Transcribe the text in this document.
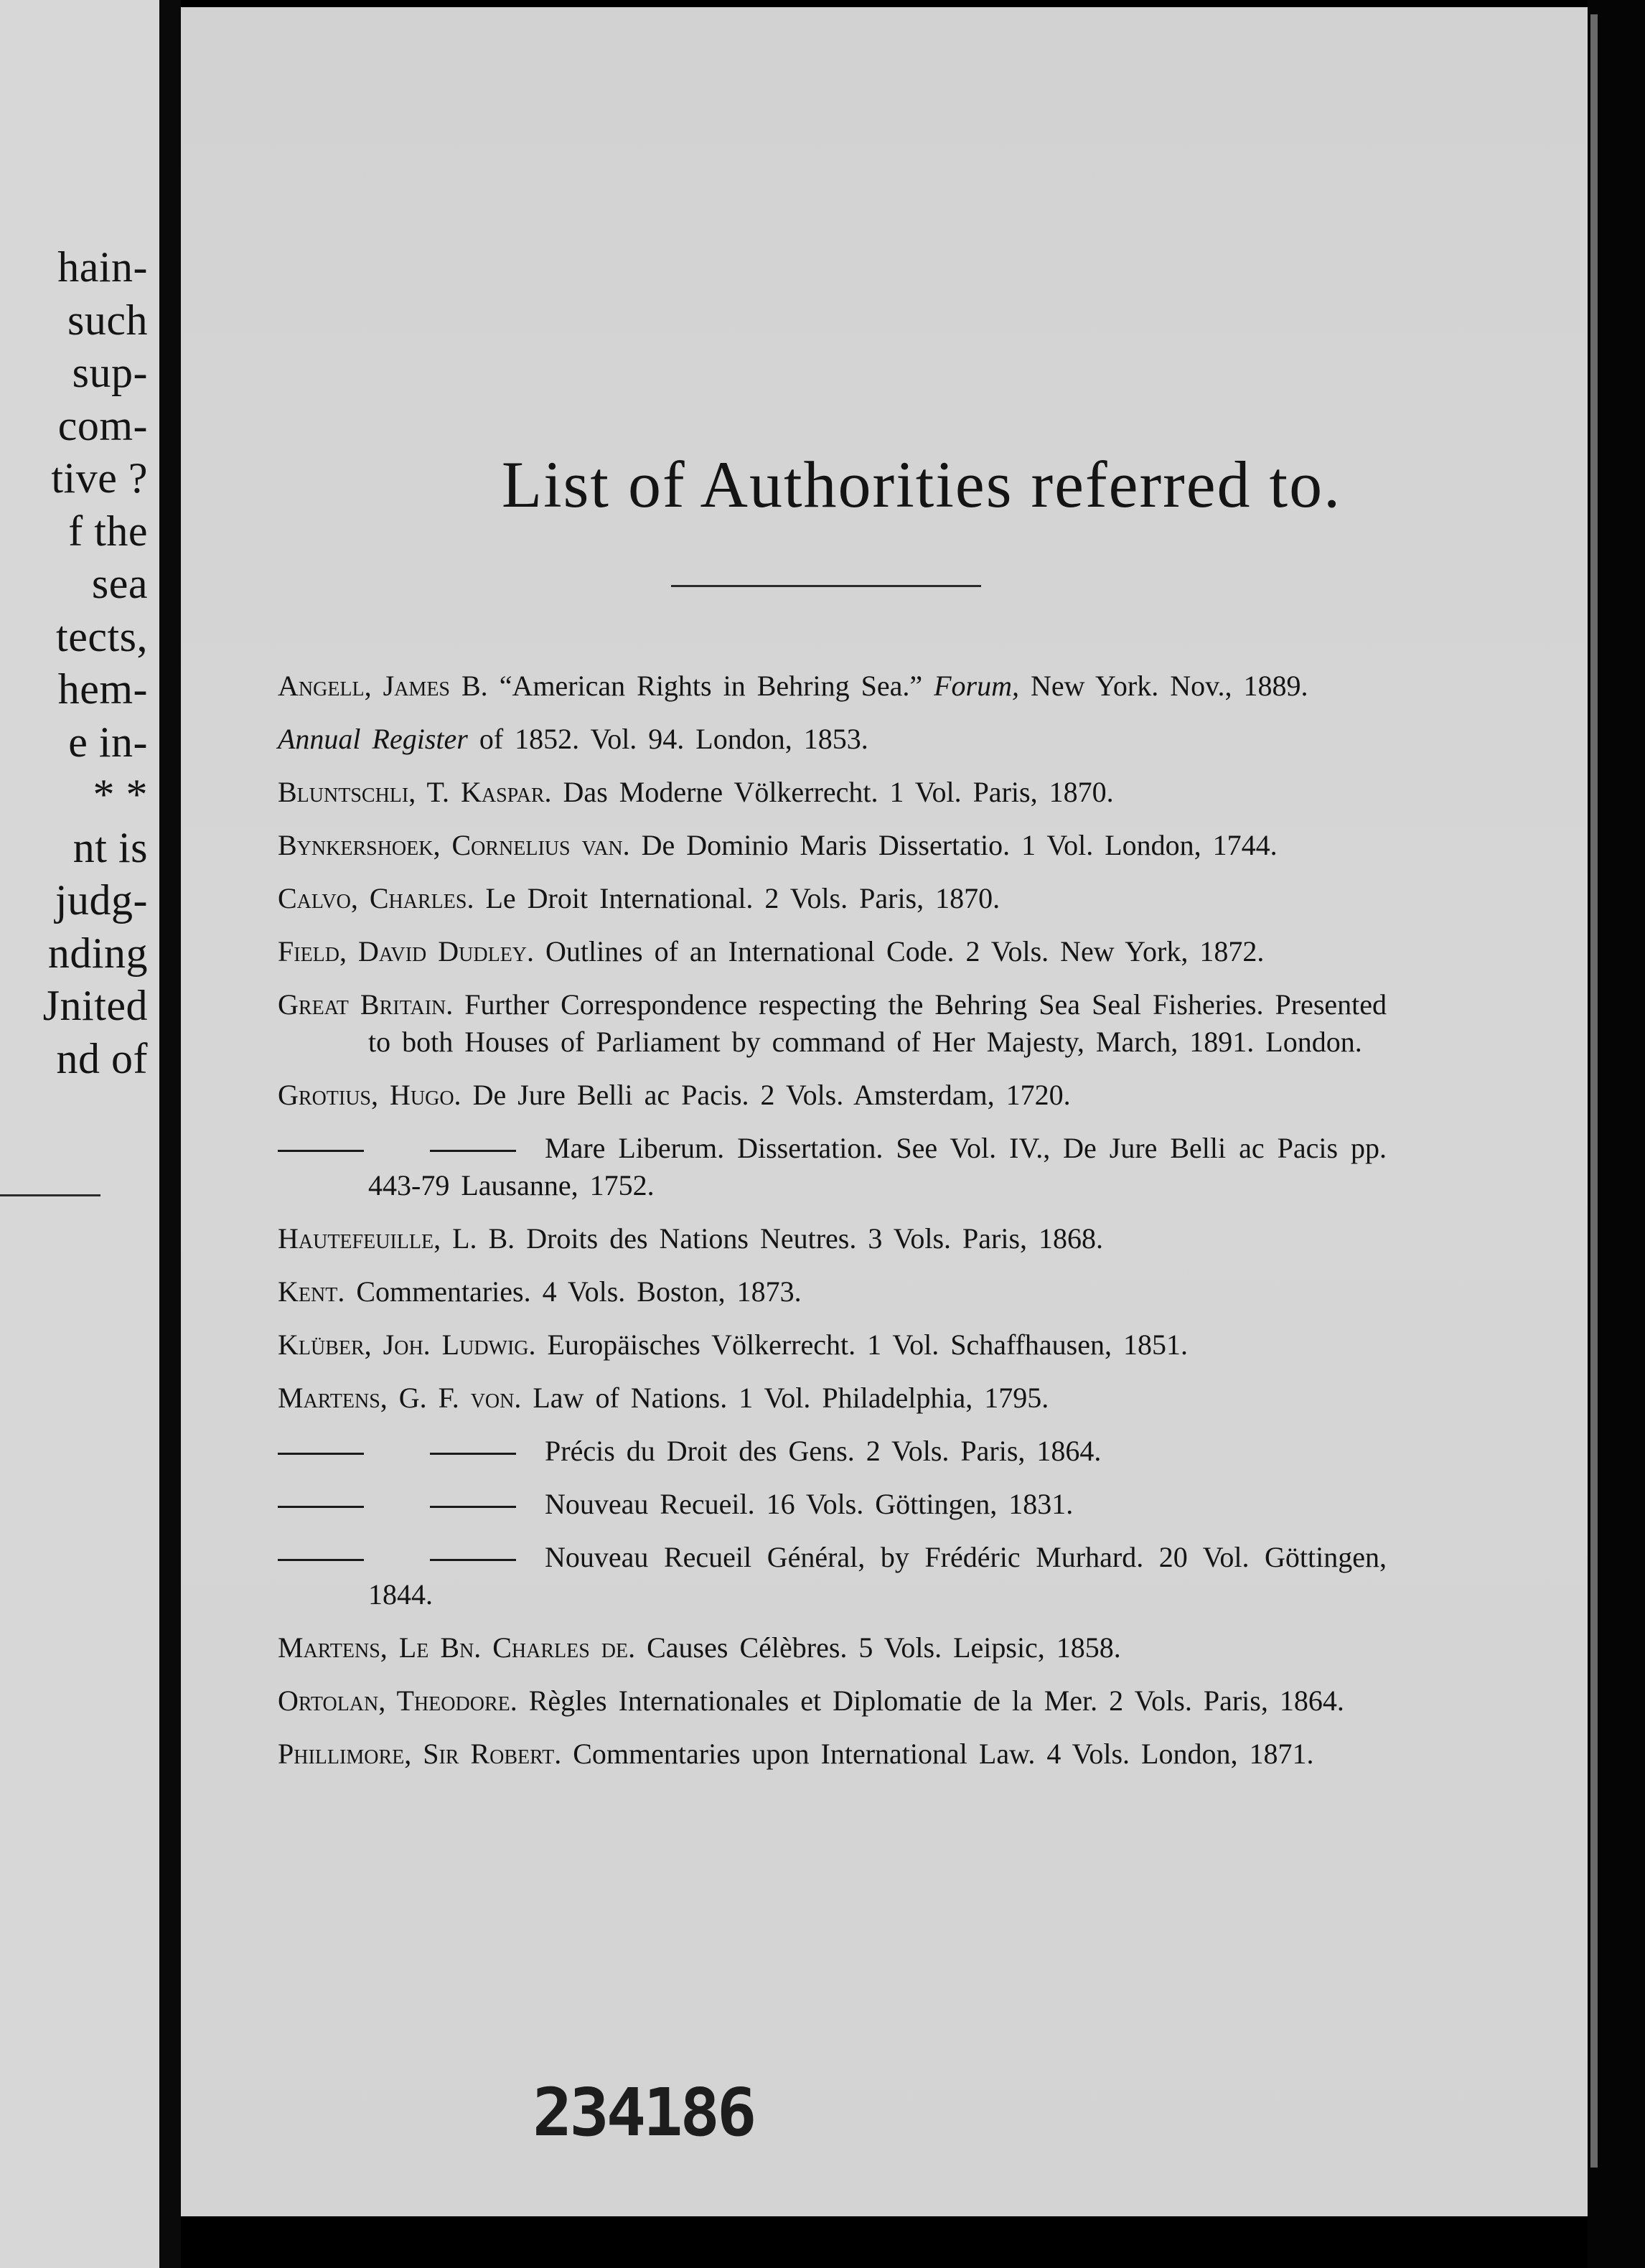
hain-
such
sup-
com-
tive ?
f the
sea
tects,
hem-
e in-
* *
nt is
judg-
nding
Jnited
nd of
List of Authorities referred to.
Angell, James B. “American Rights in Behring Sea.” Forum, New York. Nov., 1889.
Annual Register of 1852. Vol. 94. London, 1853.
Bluntschli, T. Kaspar. Das Moderne Völkerrecht. 1 Vol. Paris, 1870.
Bynkershoek, Cornelius van. De Dominio Maris Dissertatio. 1 Vol. London, 1744.
Calvo, Charles. Le Droit International. 2 Vols. Paris, 1870.
Field, David Dudley. Outlines of an International Code. 2 Vols. New York, 1872.
Great Britain. Further Correspondence respecting the Behring Sea Seal Fisheries. Presented to both Houses of Parliament by command of Her Majesty, March, 1891. London.
Grotius, Hugo. De Jure Belli ac Pacis. 2 Vols. Amsterdam, 1720.
Mare Liberum. Dissertation. See Vol. IV., De Jure Belli ac Pacis pp. 443-79 Lausanne, 1752.
Hautefeuille, L. B. Droits des Nations Neutres. 3 Vols. Paris, 1868.
Kent. Commentaries. 4 Vols. Boston, 1873.
Klüber, Joh. Ludwig. Europäisches Völkerrecht. 1 Vol. Schaffhausen, 1851.
Martens, G. F. von. Law of Nations. 1 Vol. Philadelphia, 1795.
Précis du Droit des Gens. 2 Vols. Paris, 1864.
Nouveau Recueil. 16 Vols. Göttingen, 1831.
Nouveau Recueil Général, by Frédéric Murhard. 20 Vol. Göttingen, 1844.
Martens, Le Bn. Charles de. Causes Célèbres. 5 Vols. Leipsic, 1858.
Ortolan, Theodore. Règles Internationales et Diplomatie de la Mer. 2 Vols. Paris, 1864.
Phillimore, Sir Robert. Commentaries upon International Law. 4 Vols. London, 1871.
234186
